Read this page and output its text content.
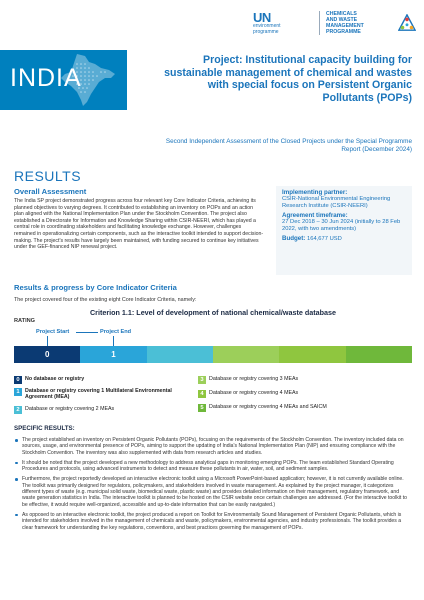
UN
environment
programme
CHEMICALS
AND WASTE
MANAGEMENT
PROGRAMME
INDIA
Project: Institutional capacity building for sustainable management of chemical and wastes with special focus on Persistent Organic Pollutants (POPs)
Second Independent Assessment of the Closed Projects under the Special Programme Report (December 2024)
RESULTS
Overall Assessment
The India SP project demonstrated progress across four relevant key Core Indicator Criteria, achieving its planned objectives to varying degrees. It contributed to establishing an inventory on POPs and an action plan aligned with the National Implementation Plan under the Stockholm Convention. The project also established a Directorate for Information and Knowledge Sharing within CSIR-NEERI, which has played a central role in coordinating stakeholders and facilitating knowledge exchange. However, challenges remained in operationalizing certain components, such as the interactive toolkit intended to support decision-making. The project's results have largely been maintained, with funding secured to continue key initiatives under the GEF-financed NIP renewal project.
Implementing partner:
CSIR-National Environmental Engineering Research Institute (CSIR-NEERI)
Agreement timeframe:
27 Dec 2018 – 30 Jun 2024 (initially to 28 Feb 2022, with two amendments)
Budget: 164,677 USD
Results & progress by Core Indicator Criteria
The project covered four of the existing eight Core Indicator Criteria, namely:
Criterion 1.1: Level of development of national chemical/waste database
RATING
Project Start	Project End
0	1
0	No database or registry
1	Database or registry covering 1 Multilateral Environmental Agreement (MEA)
2	Database or registry covering 2 MEAs
3	Database or registry covering 3 MEAs
4	Database or registry covering 4 MEAs
5	Database or registry covering 4 MEAs and SAICM
SPECIFIC RESULTS:
The project established an inventory on Persistent Organic Pollutants (POPs), focusing on the requirements of the Stockholm Convention. The inventory included data on sources, usage, and environmental presence of POPs, aiming to support the updating of India's National Implementation Plan (NIP) and ensuring compliance with the Stockholm Convention. The inventory was also supplemented with data from research articles and studies.
It should be noted that the project developed a new methodology to address analytical gaps in monitoring emerging POPs. The team established Standard Operating Procedures and protocols, using advanced instruments to detect and measure these pollutants in air, water, soil, and sediment samples.
Furthermore, the project reportedly developed an interactive electronic toolkit using a Microsoft PowerPoint-based application; however, it is not currently available online. The toolkit was primarily designed for regulators, policymakers, and stakeholders involved in waste management. As explained by the project manager, it categorizes different types of waste (e.g. municipal solid waste, biomedical waste, plastic waste) and provides detailed information on their management, regulatory framework, and waste generation statistics in India. The interactive toolkit is planned to be hosted on the CSIR website once certain challenges are addressed. (For the interactive toolkit to be effective, it would require well-organized, accessible and up-to-date information that can be easily navigated.)
As opposed to an interactive electronic toolkit, the project produced a report on Toolkit for Environmentally Sound Management of Persistent Organic Pollutants, which is intended for stakeholders involved in the management of chemicals and waste, policymakers, environmental agencies, and industry professionals. The toolkit provides a clear framework for understanding the key regulations, conventions, and best practices governing the management of POPs.
